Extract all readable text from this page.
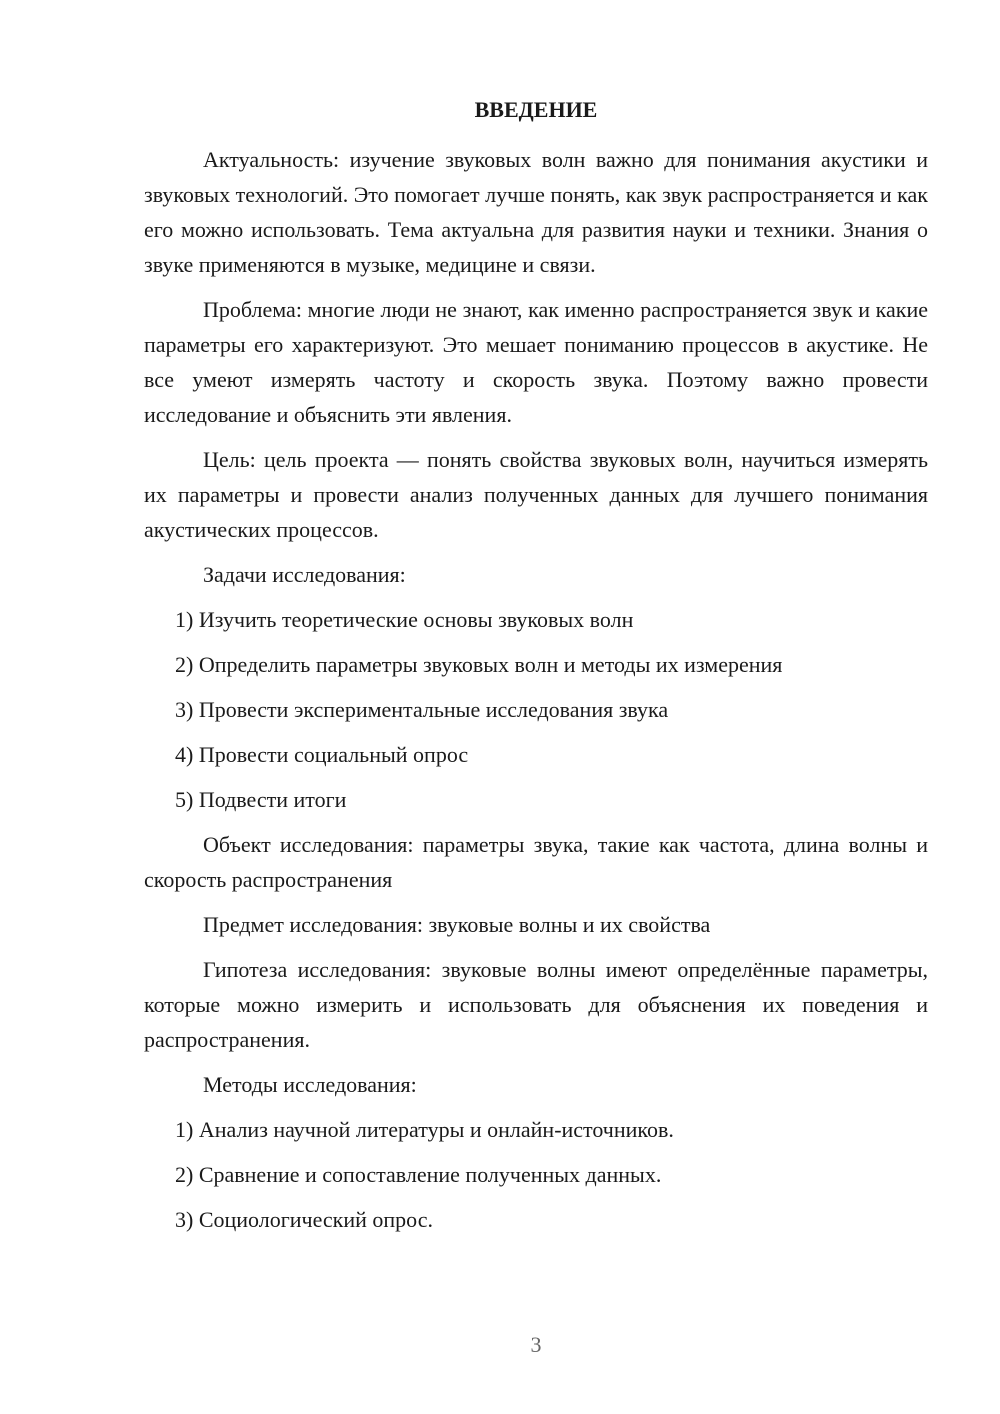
ВВЕДЕНИЕ

Актуальность: изучение звуковых волн важно для понимания акустики и звуковых технологий. Это помогает лучше понять, как звук распространяется и как его можно использовать. Тема актуальна для развития науки и техники. Знания о звуке применяются в музыке, медицине и связи.

Проблема: многие люди не знают, как именно распространяется звук и какие параметры его характеризуют. Это мешает пониманию процессов в акустике. Не все умеют измерять частоту и скорость звука. Поэтому важно провести исследование и объяснить эти явления.

Цель: цель проекта — понять свойства звуковых волн, научиться измерять их параметры и провести анализ полученных данных для лучшего понимания акустических процессов.

Задачи исследования:

1) Изучить теоретические основы звуковых волн

2) Определить параметры звуковых волн и методы их измерения

3) Провести экспериментальные исследования звука

4) Провести социальный опрос

5) Подвести итоги

Объект исследования: параметры звука, такие как частота, длина волны и скорость распространения

Предмет исследования: звуковые волны и их свойства

Гипотеза исследования: звуковые волны имеют определённые параметры, которые можно измерить и использовать для объяснения их поведения и распространения.

Методы исследования:

1) Анализ научной литературы и онлайн-источников.

2) Сравнение и сопоставление полученных данных.

3) Социологический опрос.

3
